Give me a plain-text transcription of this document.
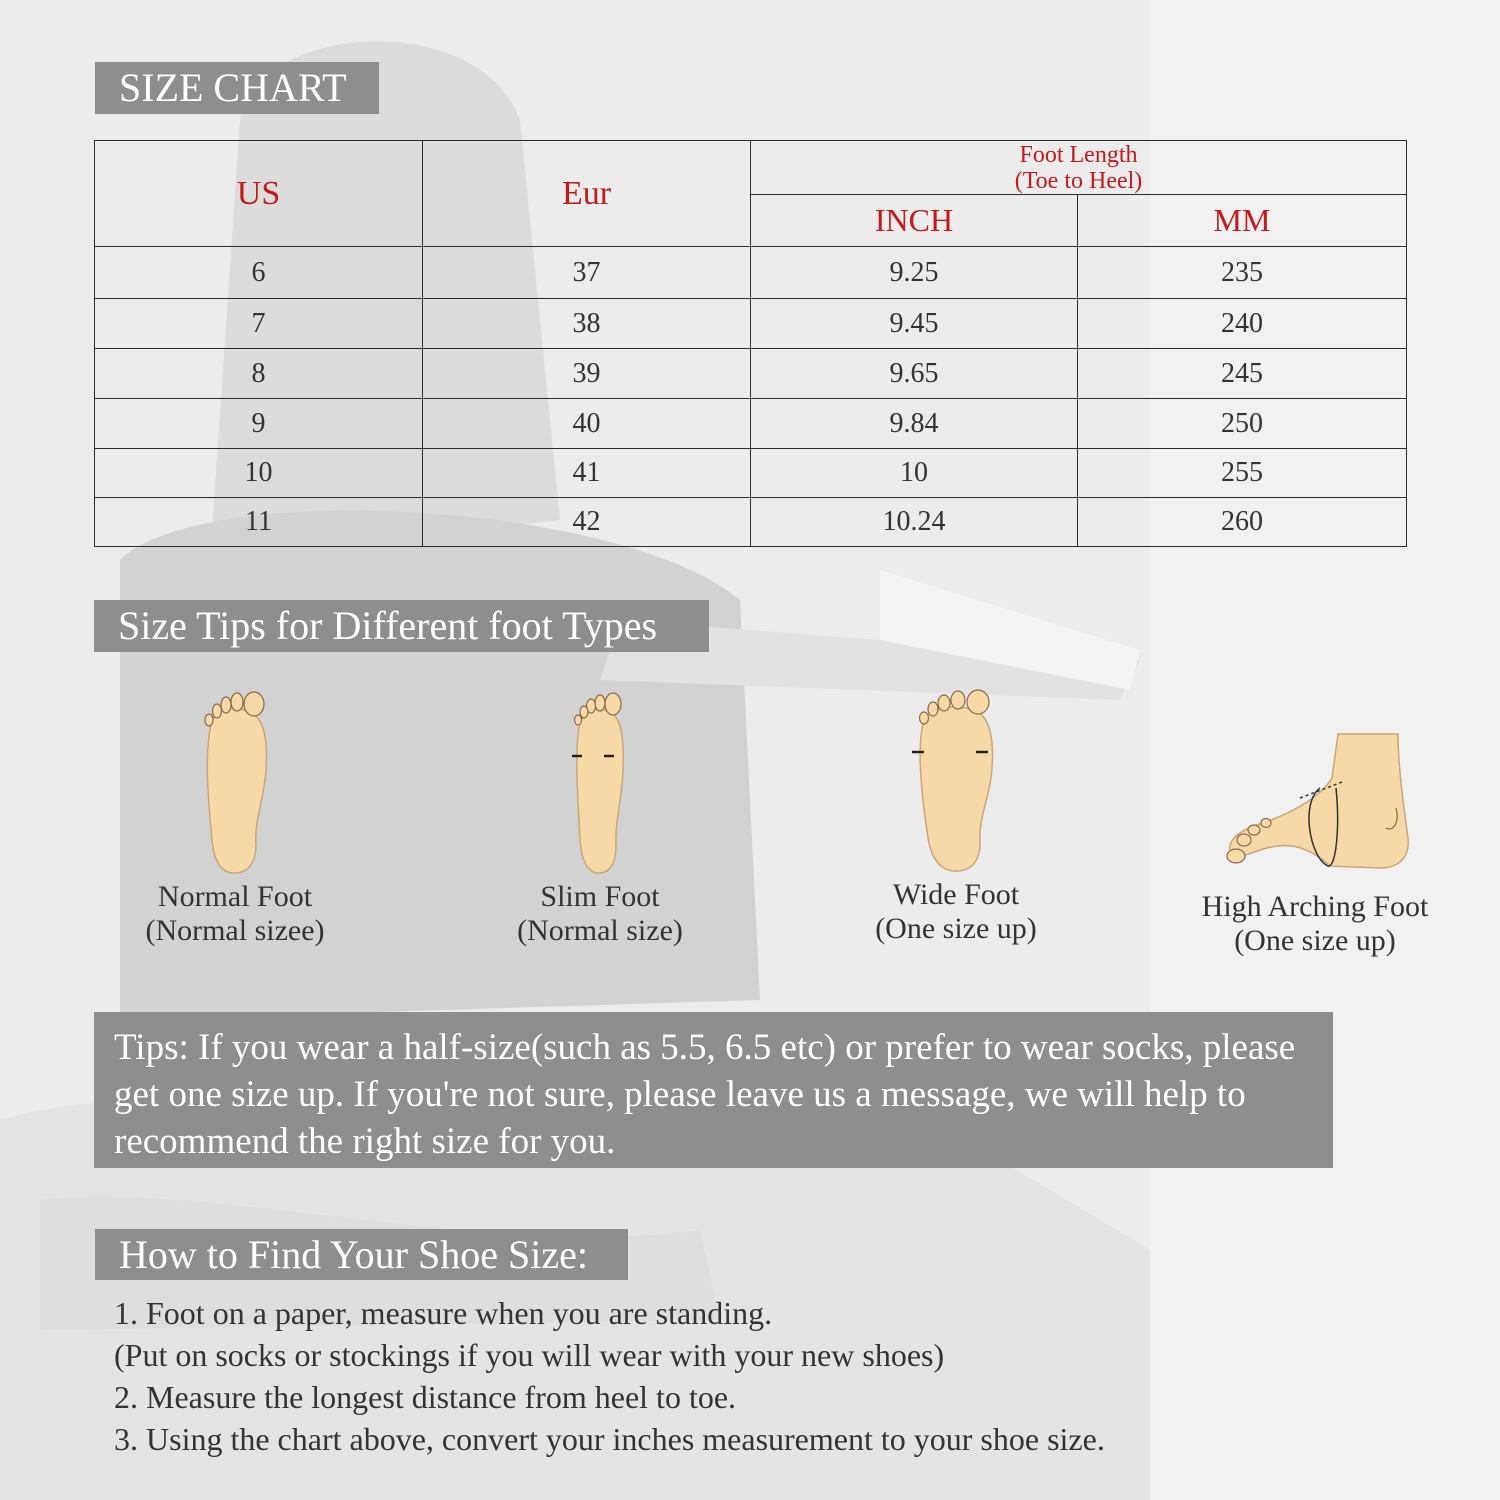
SIZE CHART
US	Eur	Foot Length
(Toe to Heel)	

		INCH	MM
6	37	9.25	235
7	38	9.45	240
8	39	9.65	245
9	40	9.84	250
10	41	10	255
11	42	10.24	260
Size Tips for Different foot Types
Normal Foot
(Normal sizee)
Slim Foot
(Normal size)
Wide Foot
(One size up)
High Arching Foot
(One size up)
Tips: If you wear a half-size(such as 5.5, 6.5 etc) or prefer to wear socks, please
get one size up. If you're not sure, please leave us a message, we will help to
recommend the right size for you.
How to Find Your Shoe Size:
1. Foot on a paper, measure when you are standing.
(Put on socks or stockings if you will wear with your new shoes)
2. Measure the longest distance from heel to toe.
3. Using the chart above, convert your inches measurement to your shoe size.
